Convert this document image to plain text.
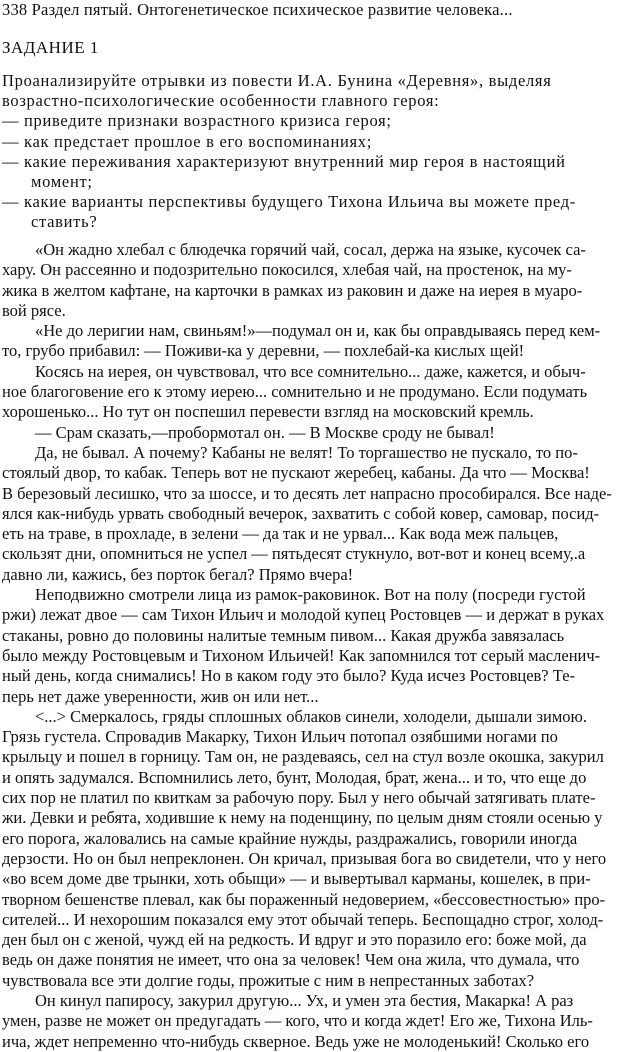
338 Раздел пятый. Онтогенетическое психическое развитие человека...
ЗАДАНИЕ 1
Проанализируйте отрывки из повести И.А. Бунина «Деревня», выделяя
возрастно-психологические особенности главного героя:
— приведите признаки возрастного кризиса героя;
— как предстает прошлое в его воспоминаниях;
— какие переживания характеризуют внутренний мир героя в настоящий
момент;
— какие варианты перспективы будущего Тихона Ильича вы можете пред-
ставить?
«Он жадно хлебал с блюдечка горячий чай, сосал, держа на языке, кусочек са-
хару. Он рассеянно и подозрительно покосился, хлебая чай, на простенок, на му-
жика в желтом кафтане, на карточки в рамках из раковин и даже на иерея в муаро-
вой рясе.
«Не до леригии нам, свиньям!»—подумал он и, как бы оправдываясь перед кем-
то, грубо прибавил: — Поживи-ка у деревни, — похлебай-ка кислых щей!
Косясь на иерея, он чувствовал, что все сомнительно... даже, кажется, и обыч-
ное благоговение его к этому иерею... сомнительно и не продумано. Если подумать
хорошенько... Но тут он поспешил перевести взгляд на московский кремль.
— Срам сказать,—пробормотал он. — В Москве сроду не бывал!
Да, не бывал. А почему? Кабаны не велят! То торгашество не пускало, то по-
стоялый двор, то кабак. Теперь вот не пускают жеребец, кабаны. Да что — Москва!
В березовый лесишко, что за шоссе, и то десять лет напрасно прособирался. Все наде-
ялся как-нибудь урвать свободный вечерок, захватить с собой ковер, самовар, посид-
еть на траве, в прохладе, в зелени — да так и не урвал... Как вода меж пальцев,
скользят дни, опомниться не успел — пятьдесят стукнуло, вот-вот и конец всему,.а
давно ли, кажись, без порток бегал? Прямо вчера!
Неподвижно смотрели лица из рамок-раковинок. Вот на полу (посреди густой
ржи) лежат двое — сам Тихон Ильич и молодой купец Ростовцев — и держат в руках
стаканы, ровно до половины налитые темным пивом... Какая дружба завязалась
было между Ростовцевым и Тихоном Ильичей! Как запомнился тот серый масленич-
ный день, когда снимались! Но в каком году это было? Куда исчез Ростовцев? Те-
перь нет даже уверенности, жив он или нет...
<...> Смеркалось, гряды сплошных облаков синели, холодели, дышали зимою.
Грязь густела. Спровадив Макарку, Тихон Ильич потопал озябшими ногами по
крыльцу и пошел в горницу. Там он, не раздеваясь, сел на стул возле окошка, закурил
и опять задумался. Вспомнились лето, бунт, Молодая, брат, жена... и то, что еще до
сих пор не платил по квиткам за рабочую пору. Был у него обычай затягивать плате-
жи. Девки и ребята, ходившие к нему на поденщину, по целым дням стояли осенью у
его порога, жаловались на самые крайние нужды, раздражались, говорили иногда
дерзости. Но он был непреклонен. Он кричал, призывая бога во свидетели, что у него
«во всем доме две трынки, хоть обыщи» — и вывертывал карманы, кошелек, в при-
творном бешенстве плевал, как бы пораженный недоверием, «бессовестностью» про-
сителей... И нехорошим показался ему этот обычай теперь. Беспощадно строг, холод-
ден был он с женой, чужд ей на редкость. И вдруг и это поразило его: боже мой, да
ведь он даже понятия не имеет, что она за человек! Чем она жила, что думала, что
чувствовала все эти долгие годы, прожитые с ним в непрестанных заботах?
Он кинул папиросу, закурил другую... Ух, и умен эта бестия, Макарка! А раз
умен, разве не может он предугадать — кого, что и когда ждет! Его же, Тихона Иль-
ича, ждет непременно что-нибудь скверное. Ведь уже не молоденький! Сколько его
